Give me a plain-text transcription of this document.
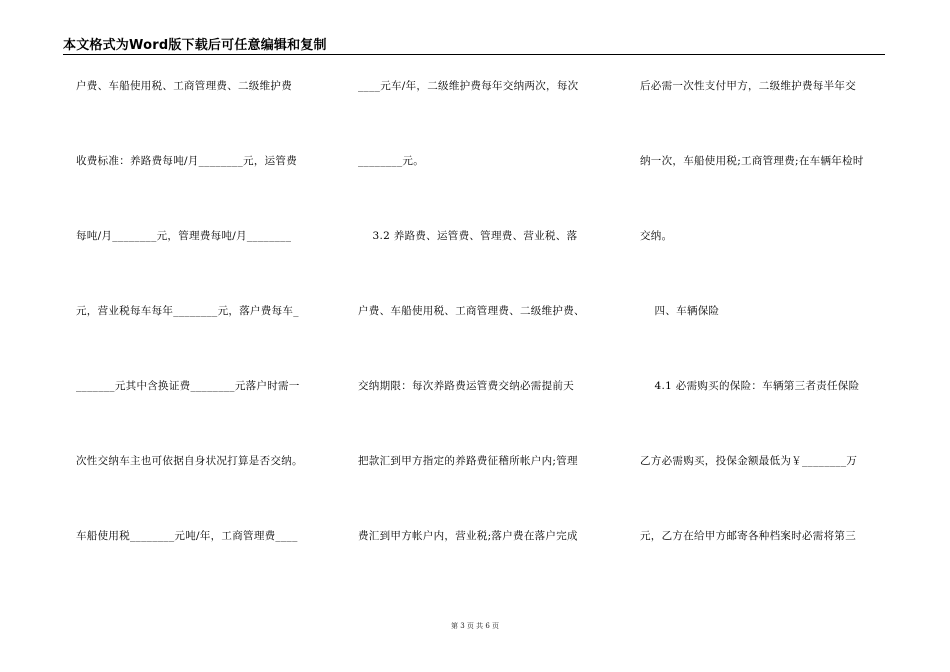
本文格式为Word版下载后可任意编辑和复制
户费、车船使用税、工商管理费、二级维护费
收费标准：养路费每吨/月________元，运管费
每吨/月________元，管理费每吨/月________
元，营业税每车每年________元，落户费每车_
_______元其中含换证费________元落户时需一
次性交纳车主也可依据自身状况打算是否交纳。
车船使用税________元吨/年，工商管理费____
____元车/年，二级维护费每年交纳两次，每次
________元。
3.2 养路费、运管费、管理费、营业税、落
户费、车船使用税、工商管理费、二级维护费、
交纳期限：每次养路费运管费交纳必需提前天
把款汇到甲方指定的养路费征稽所帐户内;管理
费汇到甲方帐户内，营业税;落户费在落户完成
后必需一次性支付甲方，二级维护费每半年交
纳一次，车船使用税;工商管理费;在车辆年检时
交纳。
四、车辆保险
4.1 必需购买的保险：车辆第三者责任保险
乙方必需购买，投保金额最低为￥________万
元，乙方在给甲方邮寄各种档案时必需将第三
第 3 页 共 6 页
